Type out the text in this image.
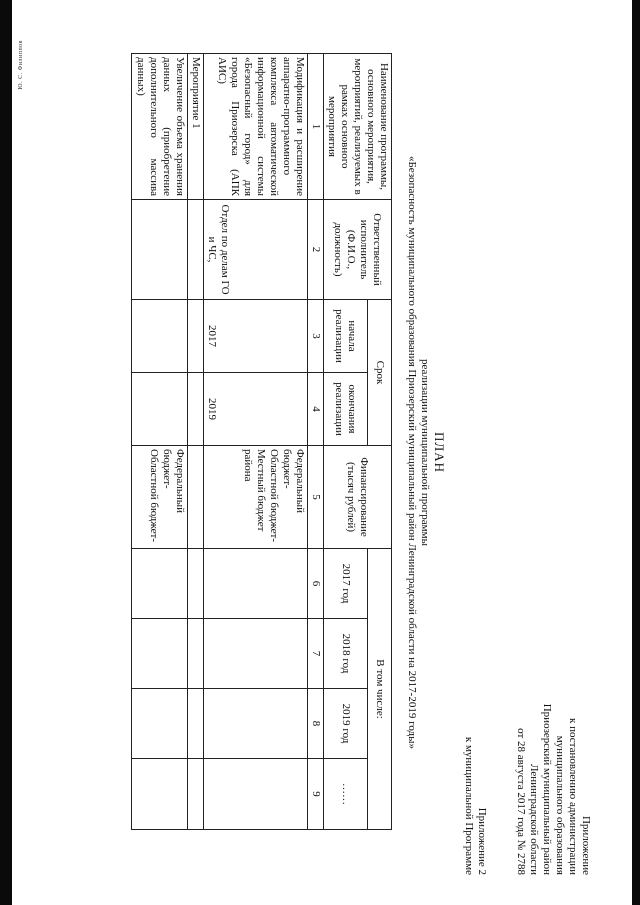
Ю. С. Филиппов
Приложение
к постановлению администрации
муниципального образования
Приозерский муниципальный район
Ленинградской области
от 28 августа 2017 года № 2788
Приложение 2
к муниципальной Программе
ПЛАН
реализации муниципальной программы
«Безопасность муниципального образования Приозерский муниципальный район Ленинградской области на 2017-2019 годы»
Наименование программы, основного мероприятия, мероприятий, реализуемых в рамках основного мероприятия	Ответственный исполнитель (Ф.И.О., должность)	Срок		Финансирование (тысяч рублей)	В том числе:			
		начала реализации	окончания реализации		2017 год	2018 год	2019 год	……
1	2	3	4	5	6	7	8	9
Модификация и расширение аппаратно-программного комплекса автоматической информационной системы «Безопасный город» для города Приозерска (АПК АИС)	Отдел по делам ГО и ЧС,	2017	2019	Федеральный бюджет-
Областной бюджет-
Местный бюджет района				

Мероприятие 1								
Увеличение объема хранения данных (приобретение дополнительного массива данных)				Федеральный бюджет-
Областной бюджет-				
